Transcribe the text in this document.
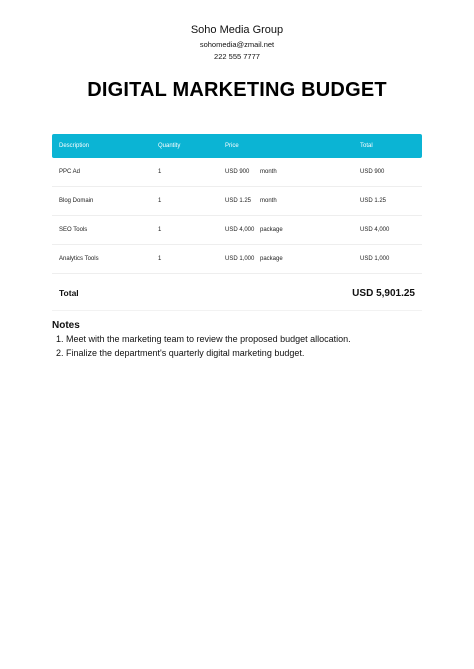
Soho Media Group
sohomedia@zmail.net
222 555 7777
DIGITAL MARKETING BUDGET
Description	Quantity	Price	Total
PPC Ad	1	USD 900 month	USD 900
Blog Domain	1	USD 1.25 month	USD 1.25
SEO Tools	1	USD 4,000 package	USD 4,000
Analytics Tools	1	USD 1,000 package	USD 1,000
Total	USD 5,901.25
Notes
1. Meet with the marketing team to review the proposed budget allocation.
2. Finalize the department's quarterly digital marketing budget.
